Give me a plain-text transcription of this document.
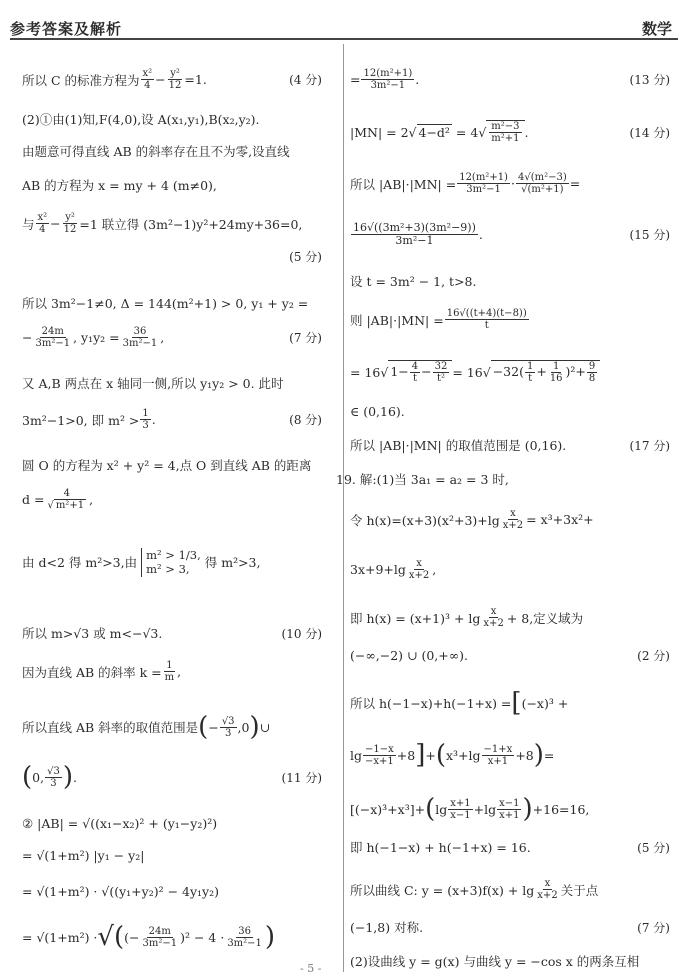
参考答案及解析	数学
所以 C 的标准方程为 x²
$4 - \frac{\text{y²}}{12} =1$.	(4 分)
(2)①由(1)知,F(4,0),设 A(x₁,y₁),B(x₂,y₂).
由题意可得直线 AB 的斜率存在且不为零,设直线
AB 的方程为 x = my + 4 (m≠0),
与 x²
$4 - \frac{\text{y²}}{12} =1$ 联立得 (3m²−1)y²+24my+36=0,
(5 分)
所以 3m²−1≠0, Δ = 144(m²+1) > 0, y₁ + y₂ =
− $\frac{24m}{\text{3m²−1}}$ , $y_1y_2 = \frac{36}{\text{3m²−1}}$ ,	(7 分)
又 A,B 两点在 x 轴同一侧,所以 y₁y₂ > 0. 此时
3m²−1>0, 即 m² > 1
3 .	(8 分)
圆 O 的方程为 x² + y² = 4,点 O 到直线 AB 的距离
$d = \frac{4}{\text{√ m²+1}}$ ,
由 d<2 得 m²>3,由
m² > 1/3,
m² > 3,	得 m²>3,
所以 m>√3 或 m<−√3.	(10 分)
因为直线 AB 的斜率 $k = \frac{1}{m}$ ,
所以直线 AB 斜率的取值范围是 ( − $\frac{√3}{3} ,0$ ) ∪
( 0, √3
3 ) .	(11 分)
② |AB| = √((x₁−x₂)² + (y₁−y₂)²)
= √(1+m²) |y₁ − y₂|
= √(1+m²) · √((y₁+y₂)² − 4y₁y₂)
= √(1+m²) · √( (− $\frac{24m}{\text{3m²−1}} )^2 - 4 \cdot 36$
3m²−1 )
= $\frac{\text{12(m²+1)}}{\text{3m²−1}}$ .	(13 分)
|MN| = 2√ 4−d² = 4 √ $\frac{\text{m²−3}}{\text{m²+1}}$ .	(14 分)
所以 $|AB|\cdot|MN| = \frac{\text{12(m²+1)}}{\text{3m²−1}} \cdot \frac{\text{4√(m²−3)}}{\text{√(m²+1)}}$ =
16√((3m²+3)(3m²−9))
3m²−1	.	(15 分)
设 t = 3m² − 1, t>8.
则 $|AB|\cdot|MN| = \frac{16√((t+4)(t-8))}{t}$
= 16√ $1- \frac{4}{t} - \frac{32}{\text{t²}} = 16√ -32( \frac{1}{t} + \frac{1}{16} )^2+ \frac{9}{8}$
∈ (0,16).
所以 |AB|·|MN| 的取值范围是 (0,16).	(17 分)
19. 解:(1)当 3a₁ = a₂ = 3 时,
令 $h(x)=(x+3)(x^2+3)+\lg \frac{x}{x+2} = x^3+3x^2+$
3x+9+lg x
x+2 ,
即 h(x) = (x+1)³ + lg x
x+2 + 8,定义域为
(−∞,−2) ∪ (0,+∞).	(2 分)
所以 h(−1−x)+h(−1+x) = [ (−x)³ +
lg −1−x
−x+1 +8 ] + ( x³+lg −1+x
x+1 +8 ) =
[(−x)³+x³]+ ( lg x+1
x−1 +lg x−1
x+1 ) +16=16,
即 h(−1−x) + h(−1+x) = 16.	(5 分)
所以曲线 C: y = (x+3)f(x) + lg x
x+2 关于点
(−1,8) 对称.	(7 分)
(2)设曲线 y = g(x) 与曲线 y = −cos x 的两条互相
- 5 -
